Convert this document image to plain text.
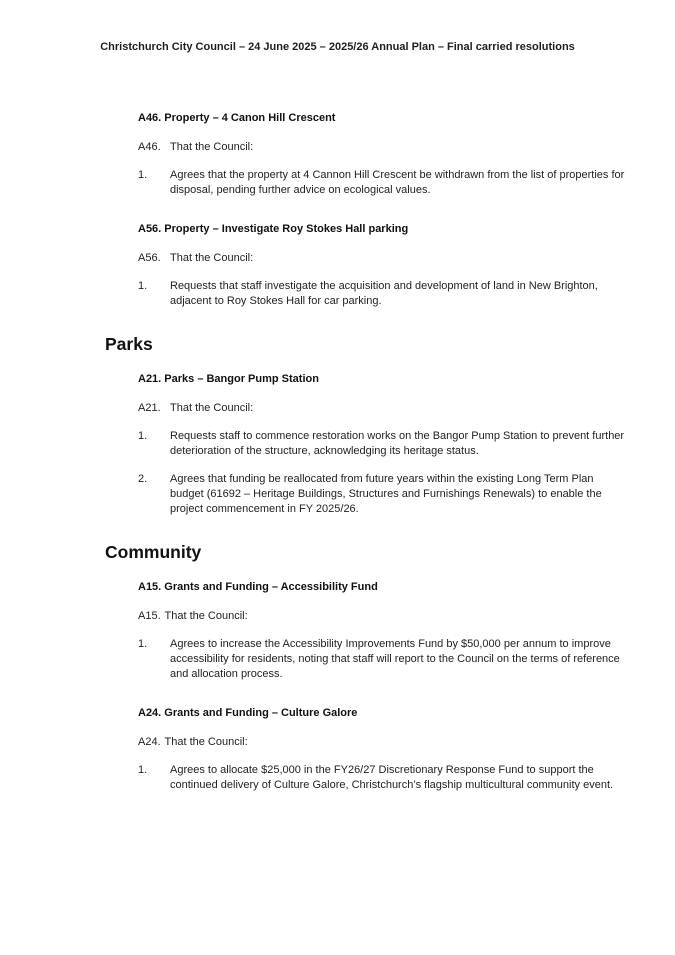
Christchurch City Council – 24 June 2025 – 2025/26 Annual Plan – Final carried resolutions
A46. Property – 4 Canon Hill Crescent

A46. That the Council:

1.	Agrees that the property at 4 Cannon Hill Crescent be withdrawn from the list of properties for disposal, pending further advice on ecological values.

A56. Property – Investigate Roy Stokes Hall parking

A56. That the Council:

1.	Requests that staff investigate the acquisition and development of land in New Brighton, adjacent to Roy Stokes Hall for car parking.

Parks
A21. Parks – Bangor Pump Station

A21. That the Council:

1.	Requests staff to commence restoration works on the Bangor Pump Station to prevent further deterioration of the structure, acknowledging its heritage status.

2.	Agrees that funding be reallocated from future years within the existing Long Term Plan budget (61692 – Heritage Buildings, Structures and Furnishings Renewals) to enable the project commencement in FY 2025/26.

Community
A15. Grants and Funding – Accessibility Fund

A15. That the Council:

1.	Agrees to increase the Accessibility Improvements Fund by $50,000 per annum to improve accessibility for residents, noting that staff will report to the Council on the terms of reference and allocation process.

A24. Grants and Funding – Culture Galore

A24. That the Council:

1.	Agrees to allocate $25,000 in the FY26/27 Discretionary Response Fund to support the continued delivery of Culture Galore, Christchurch’s flagship multicultural community event.
